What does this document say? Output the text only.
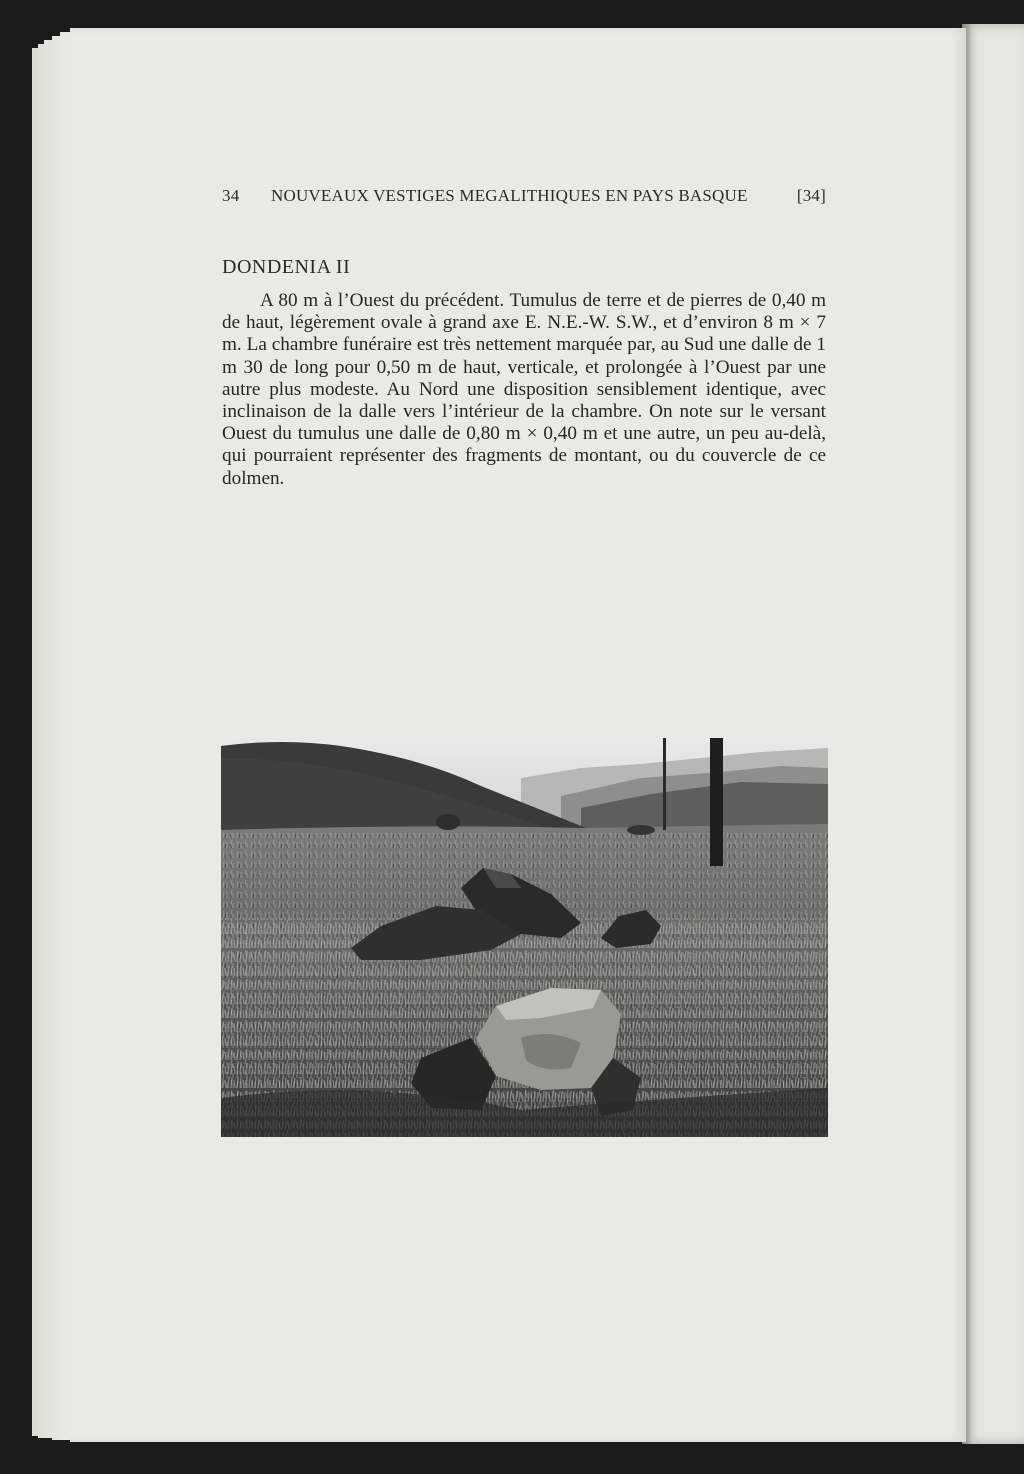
34 NOUVEAUX VESTIGES MEGALITHIQUES EN PAYS BASQUE	[34]
DONDENIA II

A 80 m à l’Ouest du précédent. Tumulus de terre et de pierres de 0,40 m de haut, légèrement ovale à grand axe E. N.E.-W. S.W., et d’environ 8 m × 7 m. La chambre funéraire est très nettement marquée par, au Sud une dalle de 1 m 30 de long pour 0,50 m de haut, verticale, et prolongée à l’Ouest par une autre plus modeste. Au Nord une disposition sensiblement identique, avec inclinaison de la dalle vers l’intérieur de la chambre. On note sur le versant Ouest du tumulus une dalle de 0,80 m × 0,40 m et une autre, un peu au-delà, qui pourraient représenter des fragments de montant, ou du couvercle de ce dolmen.
